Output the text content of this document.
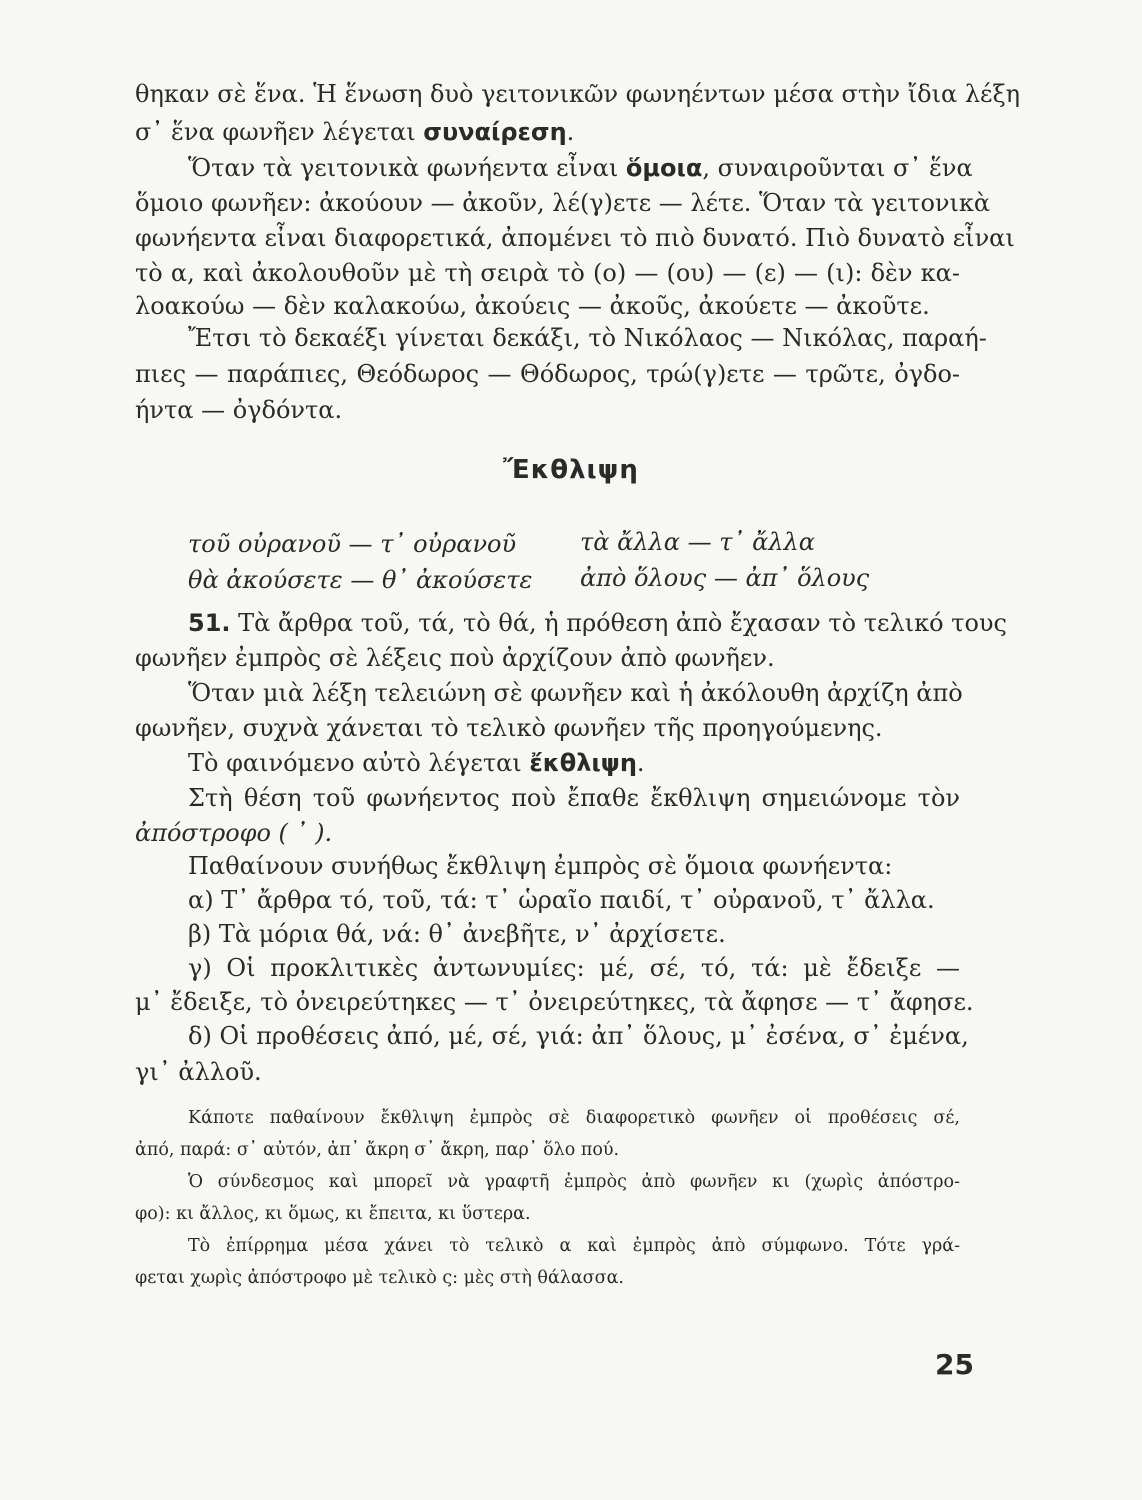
θηκαν σὲ ἕνα. Ἡ ἕνωση δυὸ γειτονικῶν φωνηέντων μέσα στὴν ἴδια λέξη
σ᾿ ἕνα φωνῆεν λέγεται συναίρεση.
Ὅταν τὰ γειτονικὰ φωνήεντα εἶναι ὅμοια, συναιροῦνται σ᾿ ἕνα
ὅμοιο φωνῆεν: ἀκούουν — ἀκοῦν, λέ(γ)ετε — λέτε. Ὅταν τὰ γειτονικὰ
φωνήεντα εἶναι διαφορετικά, ἀπομένει τὸ πιὸ δυνατό. Πιὸ δυνατὸ εἶναι
τὸ α, καὶ ἀκολουθοῦν μὲ τὴ σειρὰ τὸ (ο) — (ου) — (ε) — (ι): δὲν κα-
λοακούω — δὲν καλακούω, ἀκούεις — ἀκοῦς, ἀκούετε — ἀκοῦτε.
Ἔτσι τὸ δεκαέξι γίνεται δεκάξι, τὸ Νικόλαος — Νικόλας, παραή-
πιες — παράπιες, Θεόδωρος — Θόδωρος, τρώ(γ)ετε — τρῶτε, ὀγδο-
ήντα — ὀγδόντα.
Ἔκθλιψη
τοῦ οὐρανοῦ — τ᾿ οὐρανοῦ	τὰ ἄλλα — τ᾿ ἄλλα
θὰ ἀκούσετε — θ᾿ ἀκούσετε ἀπὸ ὅλους — ἀπ᾿ ὅλους
51. Τὰ ἄρθρα τοῦ, τά, τὸ θά, ἡ πρόθεση ἀπὸ ἔχασαν τὸ τελικό τους
φωνῆεν ἐμπρὸς σὲ λέξεις ποὺ ἀρχίζουν ἀπὸ φωνῆεν.
Ὅταν μιὰ λέξη τελειώνη σὲ φωνῆεν καὶ ἡ ἀκόλουθη ἀρχίζη ἀπὸ
φωνῆεν, συχνὰ χάνεται τὸ τελικὸ φωνῆεν τῆς προηγούμενης.
Τὸ φαινόμενο αὐτὸ λέγεται ἔκθλιψη.
Στὴ θέση τοῦ φωνήεντος ποὺ ἔπαθε ἔκθλιψη σημειώνομε τὸν
ἀπόστροφο ( ᾿ ).
Παθαίνουν συνήθως ἔκθλιψη ἐμπρὸς σὲ ὅμοια φωνήεντα:
α) Τ᾿ ἄρθρα τό, τοῦ, τά: τ᾿ ὡραῖο παιδί, τ᾿ οὐρανοῦ, τ᾿ ἄλλα.
β) Τὰ μόρια θά, νά: θ᾿ ἀνεβῆτε, ν᾿ ἀρχίσετε.
γ) Οἱ προκλιτικὲς ἀντωνυμίες: μέ, σέ, τό, τά: μὲ ἔδειξε —
μ᾿ ἔδειξε, τὸ ὀνειρεύτηκες — τ᾿ ὀνειρεύτηκες, τὰ ἄφησε — τ᾿ ἄφησε.
δ) Οἱ προθέσεις ἀπό, μέ, σέ, γιά: ἀπ᾿ ὅλους, μ᾿ ἐσένα, σ᾿ ἐμένα,
γι᾿ ἀλλοῦ.
Κάποτε παθαίνουν ἔκθλιψη ἐμπρὸς σὲ διαφορετικὸ φωνῆεν οἱ προθέσεις σέ,
ἀπό, παρά: σ᾿ αὐτόν, ἀπ᾿ ἄκρη σ᾿ ἄκρη, παρ᾿ ὅλο πού.
Ὁ σύνδεσμος καὶ μπορεῖ νὰ γραφτῆ ἐμπρὸς ἀπὸ φωνῆεν κι (χωρὶς ἀπόστρο-
φο): κι ἄλλος, κι ὅμως, κι ἔπειτα, κι ὕστερα.
Τὸ ἐπίρρημα μέσα χάνει τὸ τελικὸ α καὶ ἐμπρὸς ἀπὸ σύμφωνο. Τότε γρά-
φεται χωρὶς ἀπόστροφο μὲ τελικὸ ς: μὲς στὴ θάλασσα.
25
